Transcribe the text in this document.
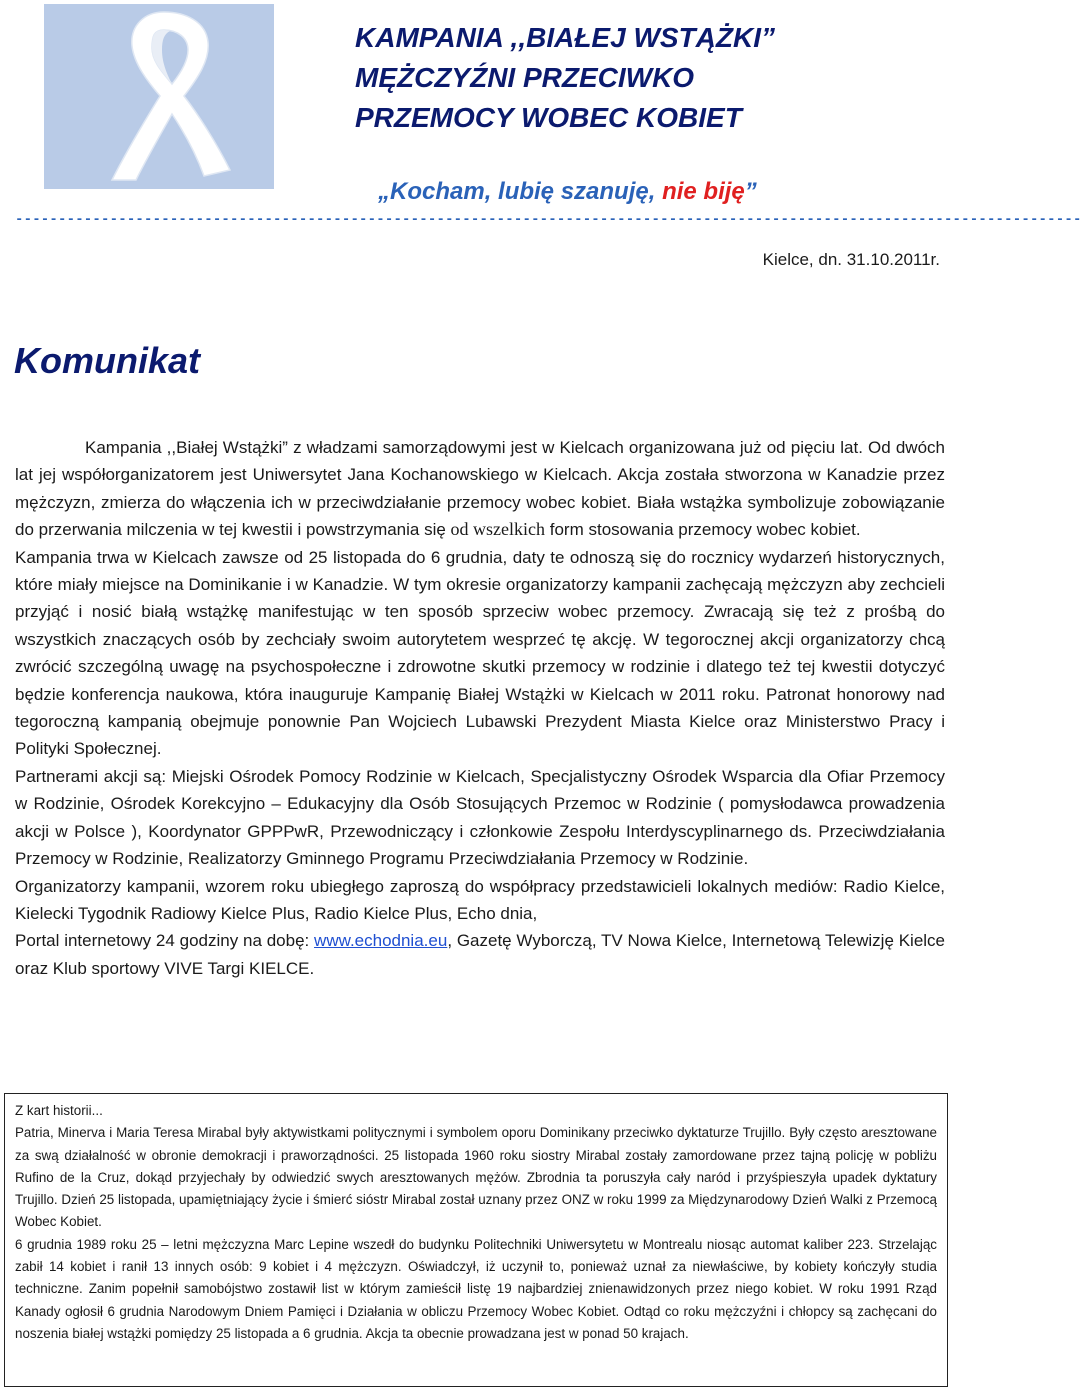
KAMPANIA ,,BIAŁEJ WSTĄŻKI”
MĘŻCZYŹNI PRZECIWKO
PRZEMOCY WOBEC KOBIET
„Kocham, lubię szanuję, nie biję”
----------------------------------------------------------------------------------------------------------------------------
Kielce, dn. 31.10.2011r.
Komunikat

Kampania ,,Białej Wstążki” z władzami samorządowymi jest w Kielcach organizowana już od pięciu lat. Od dwóch lat jej współorganizatorem jest Uniwersytet Jana Kochanowskiego w Kielcach. Akcja została stworzona w Kanadzie przez mężczyzn, zmierza do włączenia ich w przeciwdziałanie przemocy wobec kobiet. Biała wstążka symbolizuje zobowiązanie do przerwania milczenia w tej kwestii i powstrzymania się od wszelkich form stosowania przemocy wobec kobiet.

Kampania trwa w Kielcach zawsze od 25 listopada do 6 grudnia, daty te odnoszą się do rocznicy wydarzeń historycznych, które miały miejsce na Dominikanie i w Kanadzie. W tym okresie organizatorzy kampanii zachęcają mężczyzn aby zechcieli przyjąć i nosić białą wstążkę manifestując w ten sposób sprzeciw wobec przemocy. Zwracają się też z prośbą do wszystkich znaczących osób by zechciały swoim autorytetem wesprzeć tę akcję. W tegorocznej akcji organizatorzy chcą zwrócić szczególną uwagę na psychospołeczne i zdrowotne skutki przemocy w rodzinie i dlatego też tej kwestii dotyczyć będzie konferencja naukowa, która inauguruje Kampanię Białej Wstążki w Kielcach w 2011 roku. Patronat honorowy nad tegoroczną kampanią obejmuje ponownie Pan Wojciech Lubawski Prezydent Miasta Kielce oraz Ministerstwo Pracy i Polityki Społecznej.

Partnerami akcji są: Miejski Ośrodek Pomocy Rodzinie w Kielcach, Specjalistyczny Ośrodek Wsparcia dla Ofiar Przemocy w Rodzinie, Ośrodek Korekcyjno – Edukacyjny dla Osób Stosujących Przemoc w Rodzinie ( pomysłodawca prowadzenia akcji w Polsce ), Koordynator GPPPwR, Przewodniczący i członkowie Zespołu Interdyscyplinarnego ds. Przeciwdziałania Przemocy w Rodzinie, Realizatorzy Gminnego Programu Przeciwdziałania Przemocy w Rodzinie.

Organizatorzy kampanii, wzorem roku ubiegłego zaproszą do współpracy przedstawicieli lokalnych mediów: Radio Kielce, Kielecki Tygodnik Radiowy Kielce Plus, Radio Kielce Plus, Echo dnia,
Portal internetowy 24 godziny na dobę: www.echodnia.eu, Gazetę Wyborczą, TV Nowa Kielce, Internetową Telewizję Kielce oraz Klub sportowy VIVE Targi KIELCE.

Z kart historii...

Patria, Minerva i Maria Teresa Mirabal były aktywistkami politycznymi i symbolem oporu Dominikany przeciwko dyktaturze Trujillo. Były często aresztowane za swą działalność w obronie demokracji i praworządności. 25 listopada 1960 roku siostry Mirabal zostały zamordowane przez tajną policję w pobliżu Rufino de la Cruz, dokąd przyjechały by odwiedzić swych aresztowanych mężów. Zbrodnia ta poruszyła cały naród i przyśpieszyła upadek dyktatury Trujillo. Dzień 25 listopada, upamiętniający życie i śmierć sióstr Mirabal został uznany przez ONZ w roku 1999 za Międzynarodowy Dzień Walki z Przemocą Wobec Kobiet.

6 grudnia 1989 roku 25 – letni mężczyzna Marc Lepine wszedł do budynku Politechniki Uniwersytetu w Montrealu niosąc automat kaliber 223. Strzelając zabił 14 kobiet i ranił 13 innych osób: 9 kobiet i 4 mężczyzn. Oświadczył, iż uczynił to, ponieważ uznał za niewłaściwe, by kobiety kończyły studia techniczne. Zanim popełnił samobójstwo zostawił list w którym zamieścił listę 19 najbardziej znienawidzonych przez niego kobiet. W roku 1991 Rząd Kanady ogłosił 6 grudnia Narodowym Dniem Pamięci i Działania w obliczu Przemocy Wobec Kobiet. Odtąd co roku mężczyźni i chłopcy są zachęcani do noszenia białej wstążki pomiędzy 25 listopada a 6 grudnia. Akcja ta obecnie prowadzana jest w ponad 50 krajach.
